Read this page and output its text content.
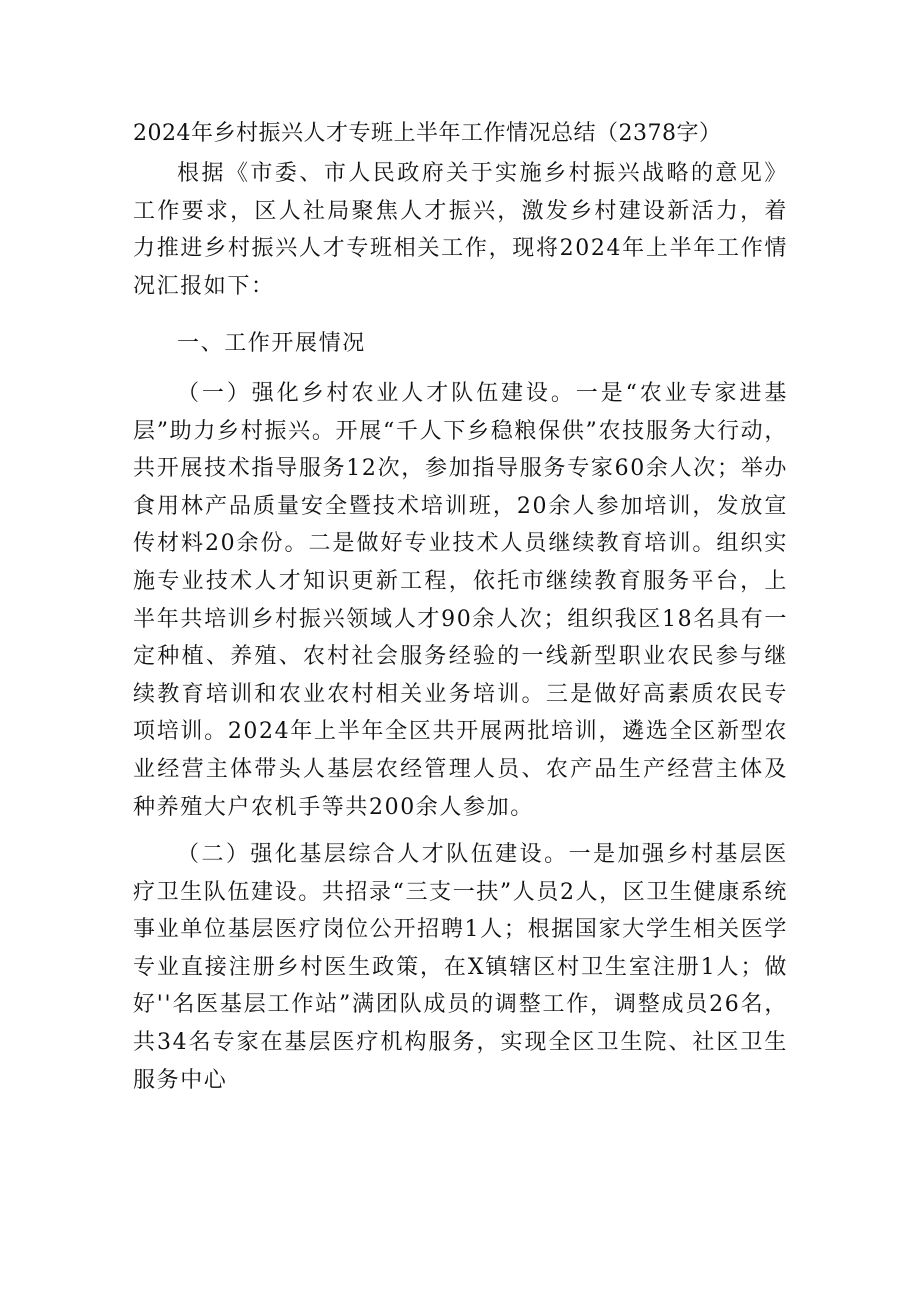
2024年乡村振兴人才专班上半年工作情况总结（2378字）

根据《市委、市人民政府关于实施乡村振兴战略的意见》工作要求，区人社局聚焦人才振兴，激发乡村建设新活力，着力推进乡村振兴人才专班相关工作，现将2024年上半年工作情况汇报如下：

一、工作开展情况

（一）强化乡村农业人才队伍建设。一是“农业专家进基层”助力乡村振兴。开展“千人下乡稳粮保供”农技服务大行动，共开展技术指导服务12次，参加指导服务专家60余人次；举办食用林产品质量安全暨技术培训班，20余人参加培训，发放宣传材料20余份。二是做好专业技术人员继续教育培训。组织实施专业技术人才知识更新工程，依托市继续教育服务平台，上半年共培训乡村振兴领域人才90余人次；组织我区18名具有一定种植、养殖、农村社会服务经验的一线新型职业农民参与继续教育培训和农业农村相关业务培训。三是做好高素质农民专项培训。2024年上半年全区共开展两批培训，遴选全区新型农业经营主体带头人基层农经管理人员、农产品生产经营主体及种养殖大户农机手等共200余人参加。

（二）强化基层综合人才队伍建设。一是加强乡村基层医疗卫生队伍建设。共招录“三支一扶”人员2人，区卫生健康系统事业单位基层医疗岗位公开招聘1人；根据国家大学生相关医学专业直接注册乡村医生政策，在X镇辖区村卫生室注册1人；做好''名医基层工作站”满团队成员的调整工作，调整成员26名，共34名专家在基层医疗机构服务，实现全区卫生院、社区卫生服务中心
